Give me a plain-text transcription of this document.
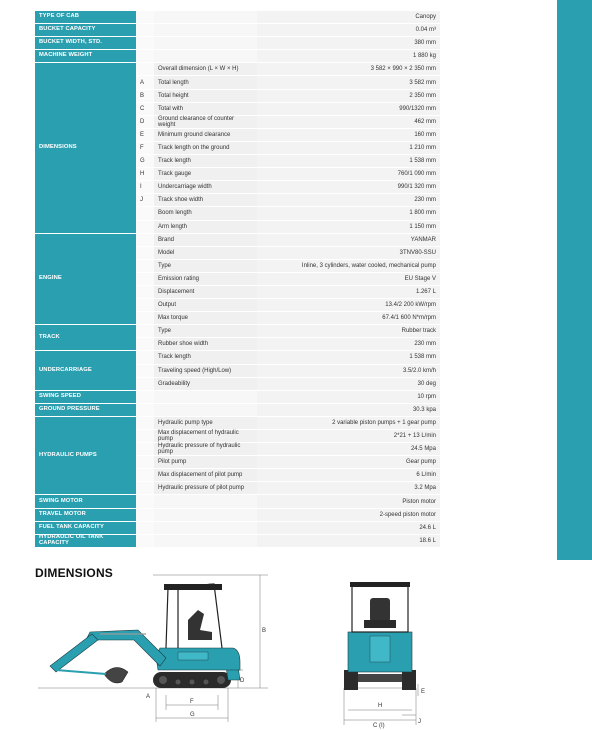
TYPE OF CAB			Canopy
BUCKET CAPACITY			0.04 m³
BUCKET WIDTH, STD.			380 mm
MACHINE WEIGHT			1 880 kg
DIMENSIONS		Overall dimension (L × W × H)	3 582 × 990 × 2 350 mm
	A	Total length	3 582 mm
	B	Total height	2 350 mm
	C	Total with	990/1320 mm
	D	Ground clearance of counter weight	462 mm
	E	Minimum ground clearance	160 mm
	F	Track length on the ground	1 210 mm
	G	Track length	1 538 mm
	H	Track gauge	760/1 090 mm
	I	Undercarriage width	990/1 320 mm
	J	Track shoe width	230 mm
		Boom length	1 800 mm
		Arm length	1 150 mm
ENGINE		Brand	YANMAR
		Model	3TNV80-SSU
		Type	Inline, 3 cylinders, water cooled, mechanical pump
		Emission rating	EU Stage V
		Displacement	1.267 L
		Output	13.4/2 200 kW/rpm
		Max torque	67.4/1 600 N*m/rpm
TRACK		Type	Rubber track
		Rubber shoe width	230 mm
UNDERCARRIAGE		Track length	1 538 mm
		Traveling speed (High/Low)	3.5/2.0 km/h
		Gradeability	30 deg
SWING SPEED			10 rpm
GROUND PRESSURE			30.3 kpa
HYDRAULIC PUMPS		Hydraulic pump type	2 variable piston pumps + 1 gear pump
		Max displacement of hydraulic pump	2*21 + 13 L/min
		Hydraulic pressure of hydraulic pump	24.5 Mpa
		Pilot pump	Gear pump
		Max displacement of pilot pump	6 L/min
		Hydraulic pressure of pilot pump	3.2 Mpa
SWING MOTOR			Piston motor
TRAVEL MOTOR			2-speed piston motor
FUEL TANK CAPACITY			24.6 L
HYDRAULIC OIL TANK CAPACITY			18.6 L
DIMENSIONS
B
D
F
G
A
H
C (I)
J
E
